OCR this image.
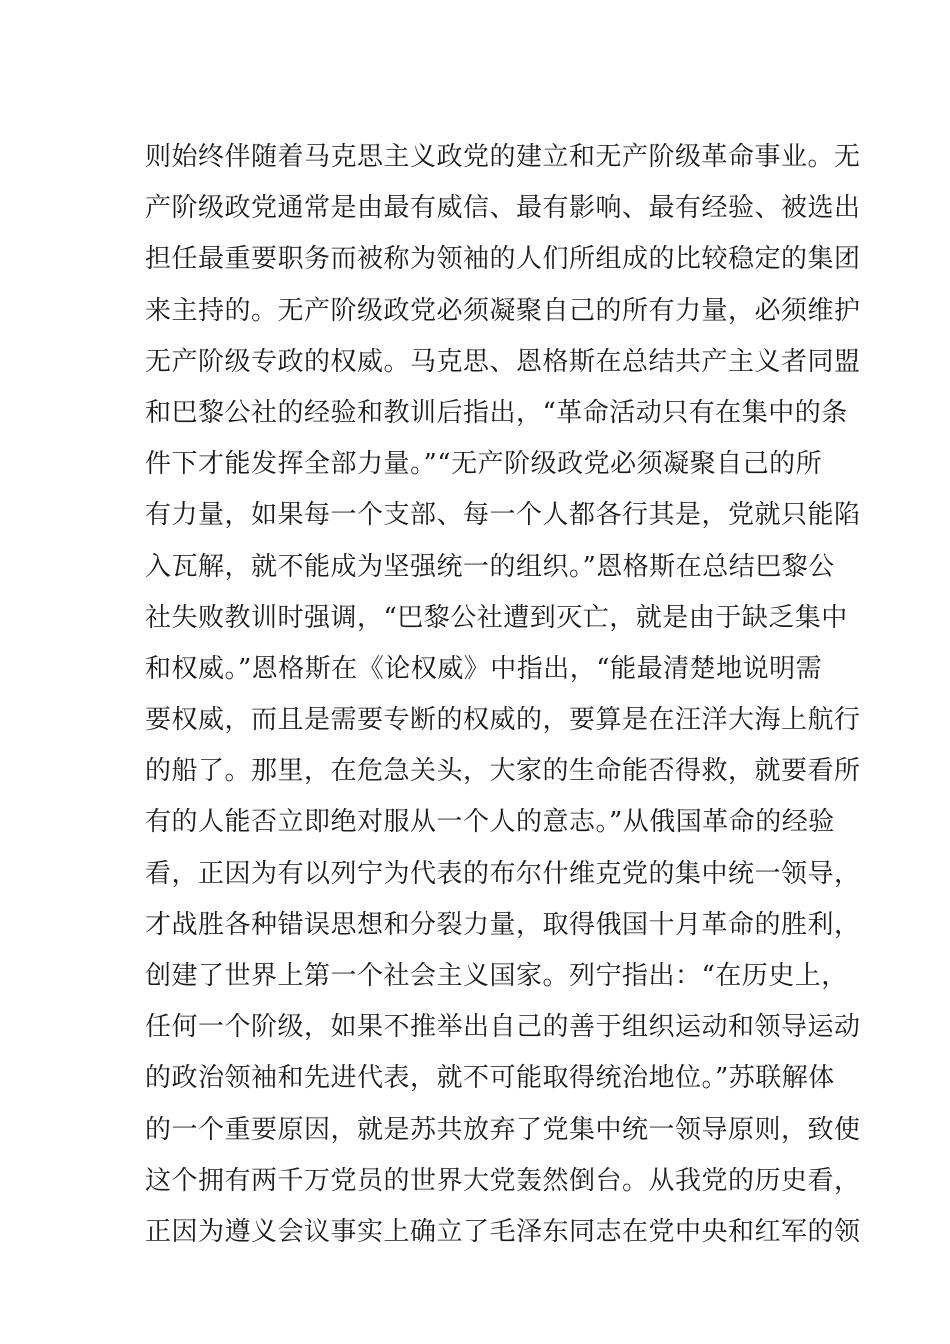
则始终伴随着马克思主义政党的建立和无产阶级革命事业。无
产阶级政党通常是由最有威信、最有影响、最有经验、被选出
担任最重要职务而被称为领袖的人们所组成的比较稳定的集团
来主持的。无产阶级政党必须凝聚自己的所有力量，必须维护
无产阶级专政的权威。马克思、恩格斯在总结共产主义者同盟
和巴黎公社的经验和教训后指出，“革命活动只有在集中的条
件下才能发挥全部力量。”“无产阶级政党必须凝聚自己的所
有力量，如果每一个支部、每一个人都各行其是，党就只能陷
入瓦解，就不能成为坚强统一的组织。”恩格斯在总结巴黎公
社失败教训时强调，“巴黎公社遭到灭亡，就是由于缺乏集中
和权威。”恩格斯在《论权威》中指出，“能最清楚地说明需
要权威，而且是需要专断的权威的，要算是在汪洋大海上航行
的船了。那里，在危急关头，大家的生命能否得救，就要看所
有的人能否立即绝对服从一个人的意志。”从俄国革命的经验
看，正因为有以列宁为代表的布尔什维克党的集中统一领导，
才战胜各种错误思想和分裂力量，取得俄国十月革命的胜利，
创建了世界上第一个社会主义国家。列宁指出：“在历史上，
任何一个阶级，如果不推举出自己的善于组织运动和领导运动
的政治领袖和先进代表，就不可能取得统治地位。”苏联解体
的一个重要原因，就是苏共放弃了党集中统一领导原则，致使
这个拥有两千万党员的世界大党轰然倒台。从我党的历史看，
正因为遵义会议事实上确立了毛泽东同志在党中央和红军的领
